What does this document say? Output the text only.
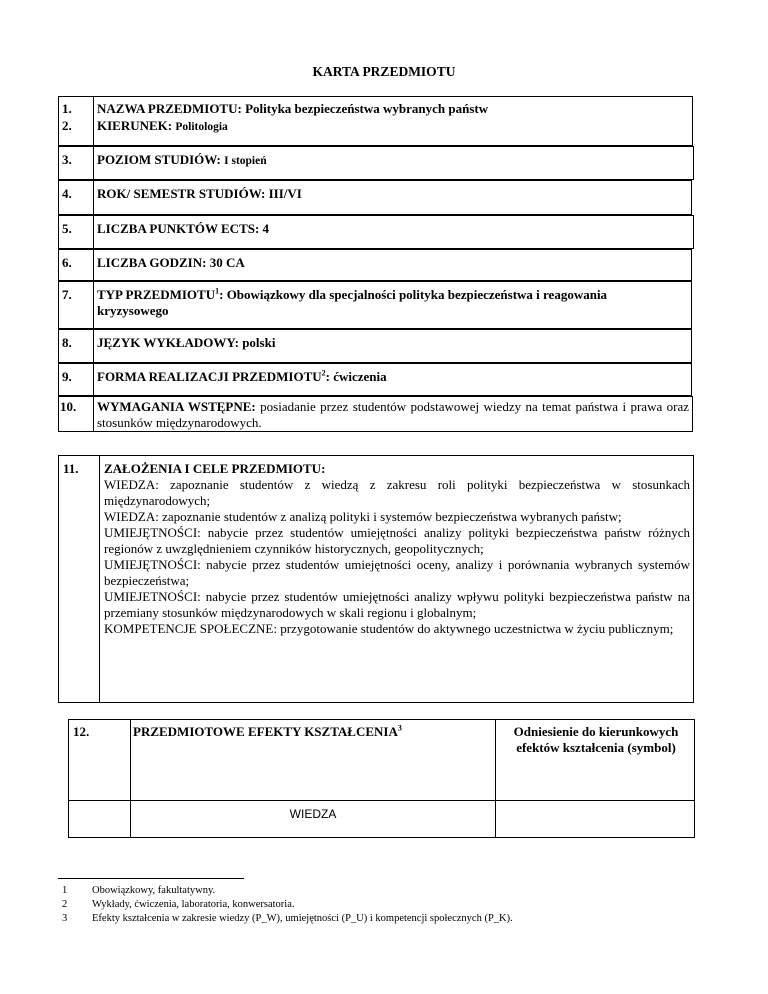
KARTA PRZEDMIOTU
1. NAZWA PRZEDMIOTU: Polityka bezpieczeństwa wybranych państw
2. KIERUNEK: Politologia
3. POZIOM STUDIÓW: I stopień
4. ROK/ SEMESTR STUDIÓW: III/VI
5. LICZBA PUNKTÓW ECTS: 4
6. LICZBA GODZIN: 30 CA
7. TYP PRZEDMIOTU$^1$: Obowiązkowy dla specjalności polityka bezpieczeństwa i reagowania kryzysowego
8. JĘZYK WYKŁADOWY: polski
9. FORMA REALIZACJI PRZEDMIOTU$^2$: ćwiczenia
10. WYMAGANIA WSTĘPNE: posiadanie przez studentów podstawowej wiedzy na temat państwa i prawa oraz stosunków międzynarodowych.
11. ZAŁOŻENIA I CELE PRZEDMIOTU:
WIEDZA: zapoznanie studentów z wiedzą z zakresu roli polityki bezpieczeństwa w stosunkach międzynarodowych;
WIEDZA: zapoznanie studentów z analizą polityki i systemów bezpieczeństwa wybranych państw;
UMIEJĘTNOŚCI: nabycie przez studentów umiejętności analizy polityki bezpieczeństwa państw różnych regionów z uwzględnieniem czynników historycznych, geopolitycznych;
UMIEJĘTNOŚCI: nabycie przez studentów umiejętności oceny, analizy i porównania wybranych systemów bezpieczeństwa;
UMIEJETNOŚCI: nabycie przez studentów umiejętności analizy wpływu polityki bezpieczeństwa państw na przemiany stosunków międzynarodowych w skali regionu i globalnym;
KOMPETENCJE SPOŁECZNE: przygotowanie studentów do aktywnego uczestnictwa w życiu publicznym;
12.	PRZEDMIOTOWE EFEKTY KSZTAŁCENIA$^3$	Odniesienie do kierunkowych efektów kształcenia (symbol)
WIEDZA
1 Obowiązkowy, fakultatywny.
2 Wykłady, ćwiczenia, laboratoria, konwersatoria.
3 Efekty kształcenia w zakresie wiedzy (P_W), umiejętności (P_U) i kompetencji społecznych (P_K).
